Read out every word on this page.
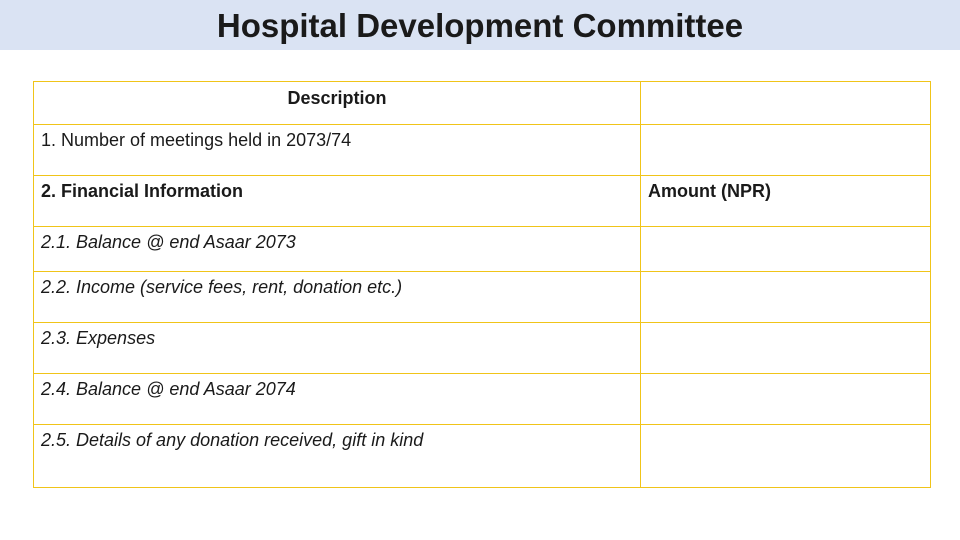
Hospital Development Committee
Description	
1. Number of meetings held in 2073/74	
2. Financial Information	Amount (NPR)
2.1. Balance @ end Asaar 2073	
2.2. Income (service fees, rent, donation etc.)	
2.3. Expenses	
2.4. Balance @ end Asaar 2074	
2.5. Details of any donation received, gift in kind	
